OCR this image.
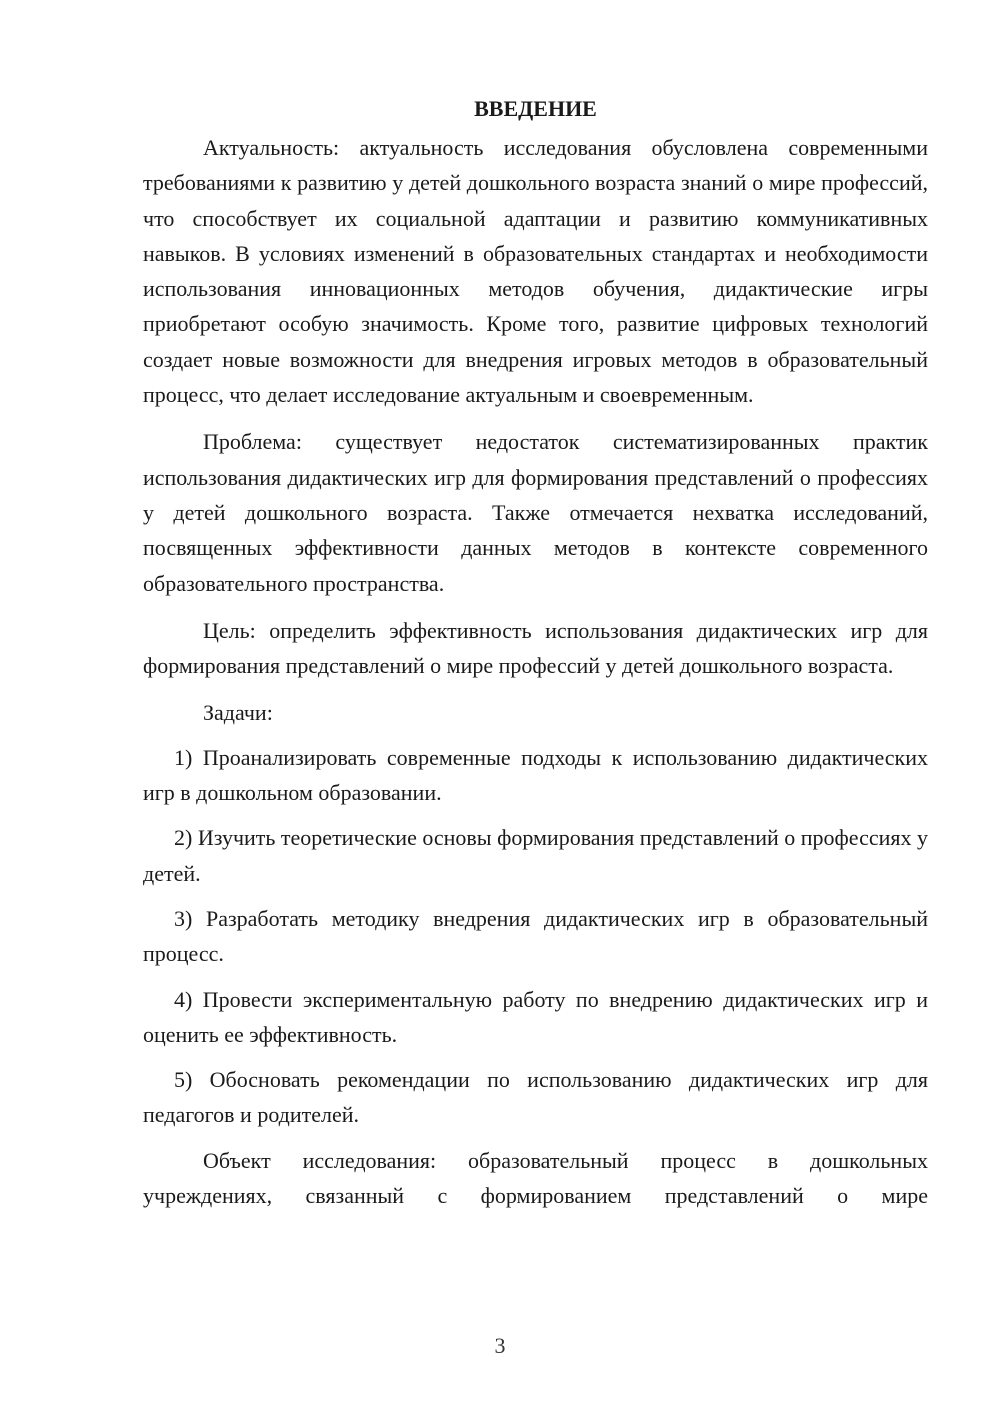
ВВЕДЕНИЕ

Актуальность: актуальность исследования обусловлена современными требованиями к развитию у детей дошкольного возраста знаний о мире профессий, что способствует их социальной адаптации и развитию коммуникативных навыков. В условиях изменений в образовательных стандартах и необходимости использования инновационных методов обучения, дидактические игры приобретают особую значимость. Кроме того, развитие цифровых технологий создает новые возможности для внедрения игровых методов в образовательный процесс, что делает исследование актуальным и своевременным.

Проблема: существует недостаток систематизированных практик использования дидактических игр для формирования представлений о профессиях у детей дошкольного возраста. Также отмечается нехватка исследований, посвященных эффективности данных методов в контексте современного образовательного пространства.

Цель: определить эффективность использования дидактических игр для формирования представлений о мире профессий у детей дошкольного возраста.

Задачи:

1) Проанализировать современные подходы к использованию дидактических игр в дошкольном образовании.

2) Изучить теоретические основы формирования представлений о профессиях у детей.

3) Разработать методику внедрения дидактических игр в образовательный процесс.

4) Провести экспериментальную работу по внедрению дидактических игр и оценить ее эффективность.

5) Обосновать рекомендации по использованию дидактических игр для педагогов и родителей.

Объект исследования: образовательный процесс в дошкольных учреждениях, связанный с формированием представлений о мире

3
